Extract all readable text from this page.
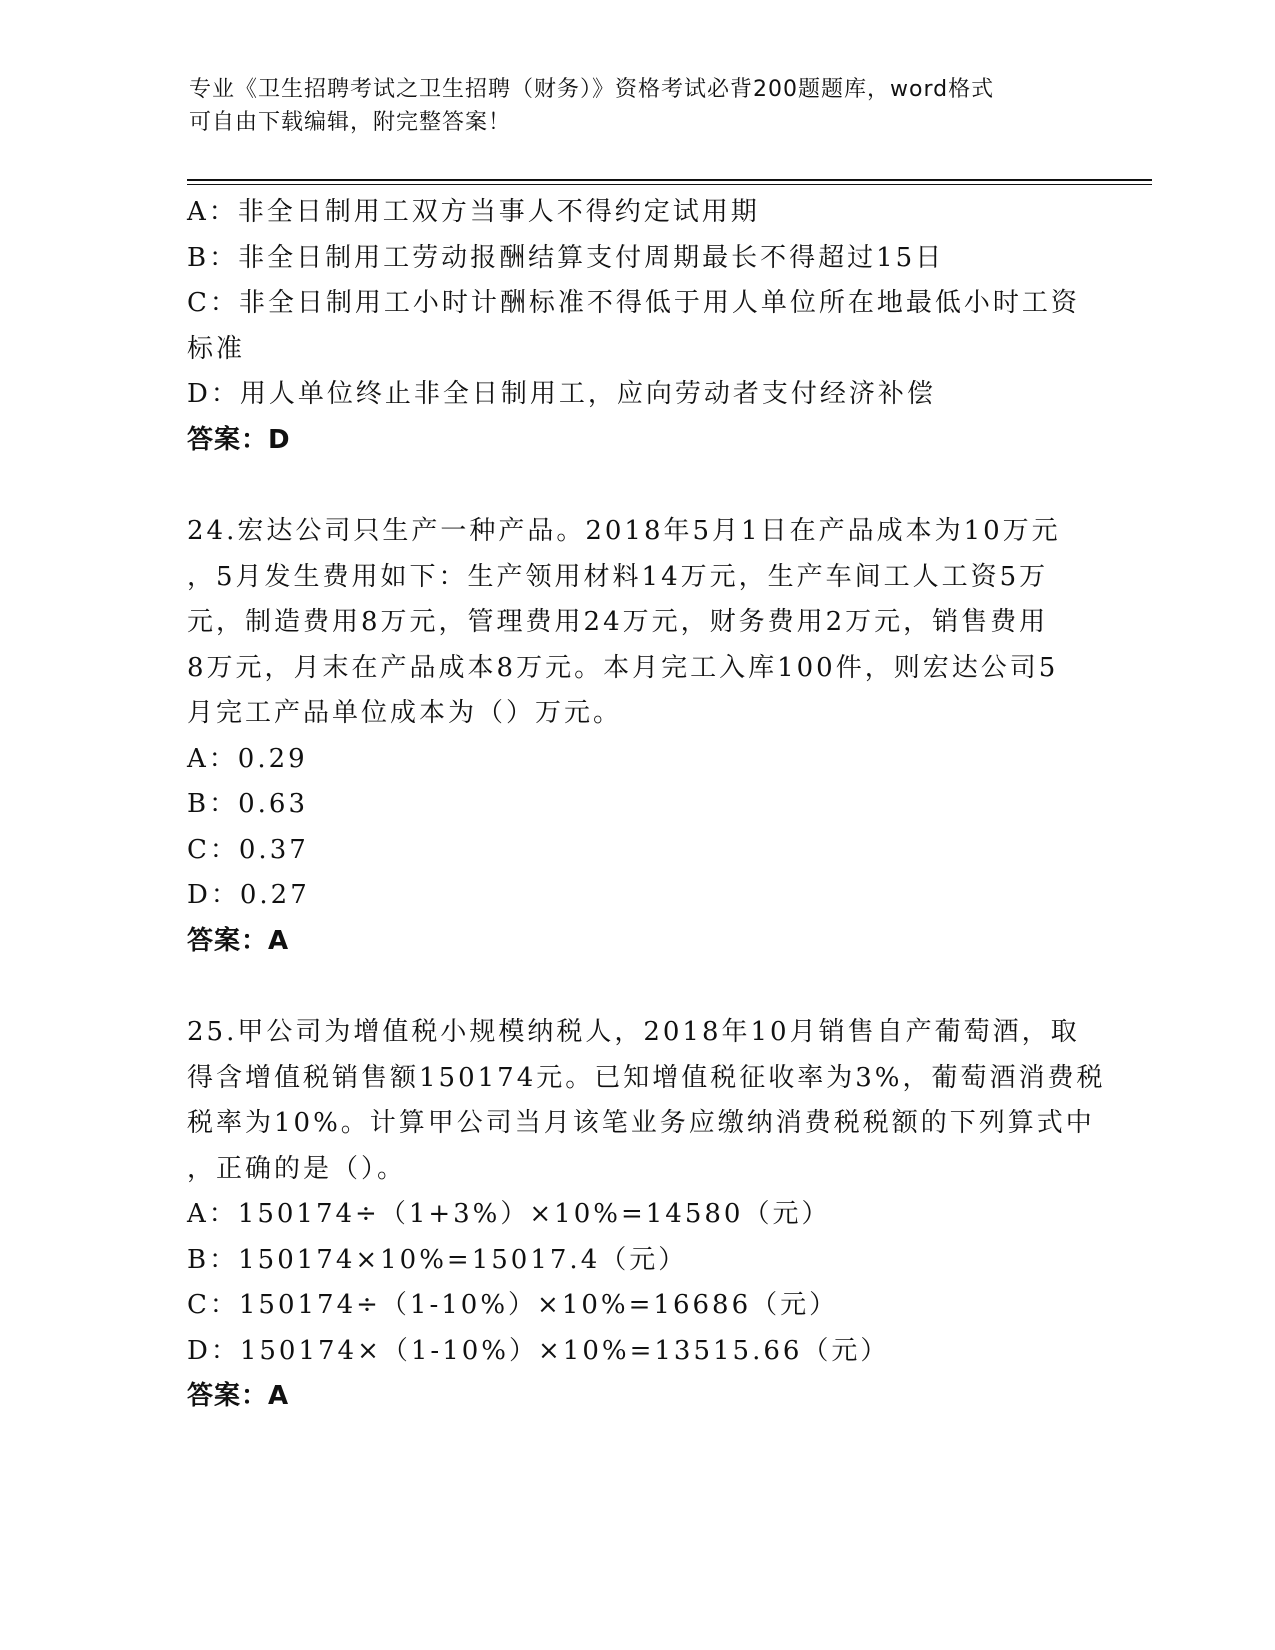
专业《卫生招聘考试之卫生招聘（财务）》资格考试必背200题题库，word格式
可自由下载编辑，附完整答案！
A：非全日制用工双方当事人不得约定试用期
B：非全日制用工劳动报酬结算支付周期最长不得超过15日
C：非全日制用工小时计酬标准不得低于用人单位所在地最低小时工资
标准
D：用人单位终止非全日制用工，应向劳动者支付经济补偿
答案：D
24.宏达公司只生产一种产品。2018年5月1日在产品成本为10万元
，5月发生费用如下：生产领用材料14万元，生产车间工人工资5万
元，制造费用8万元，管理费用24万元，财务费用2万元，销售费用
8万元，月末在产品成本8万元。本月完工入库100件，则宏达公司5
月完工产品单位成本为（）万元。
A：0.29
B：0.63
C：0.37
D：0.27
答案：A
25.甲公司为增值税小规模纳税人，2018年10月销售自产葡萄酒，取
得含增值税销售额150174元。已知增值税征收率为3%，葡萄酒消费税
税率为10%。计算甲公司当月该笔业务应缴纳消费税税额的下列算式中
，正确的是（）。
A：150174÷（1+3%）×10%=14580（元）
B：150174×10%=15017.4（元）
C：150174÷（1-10%）×10%=16686（元）
D：150174×（1-10%）×10%=13515.66（元）
答案：A
